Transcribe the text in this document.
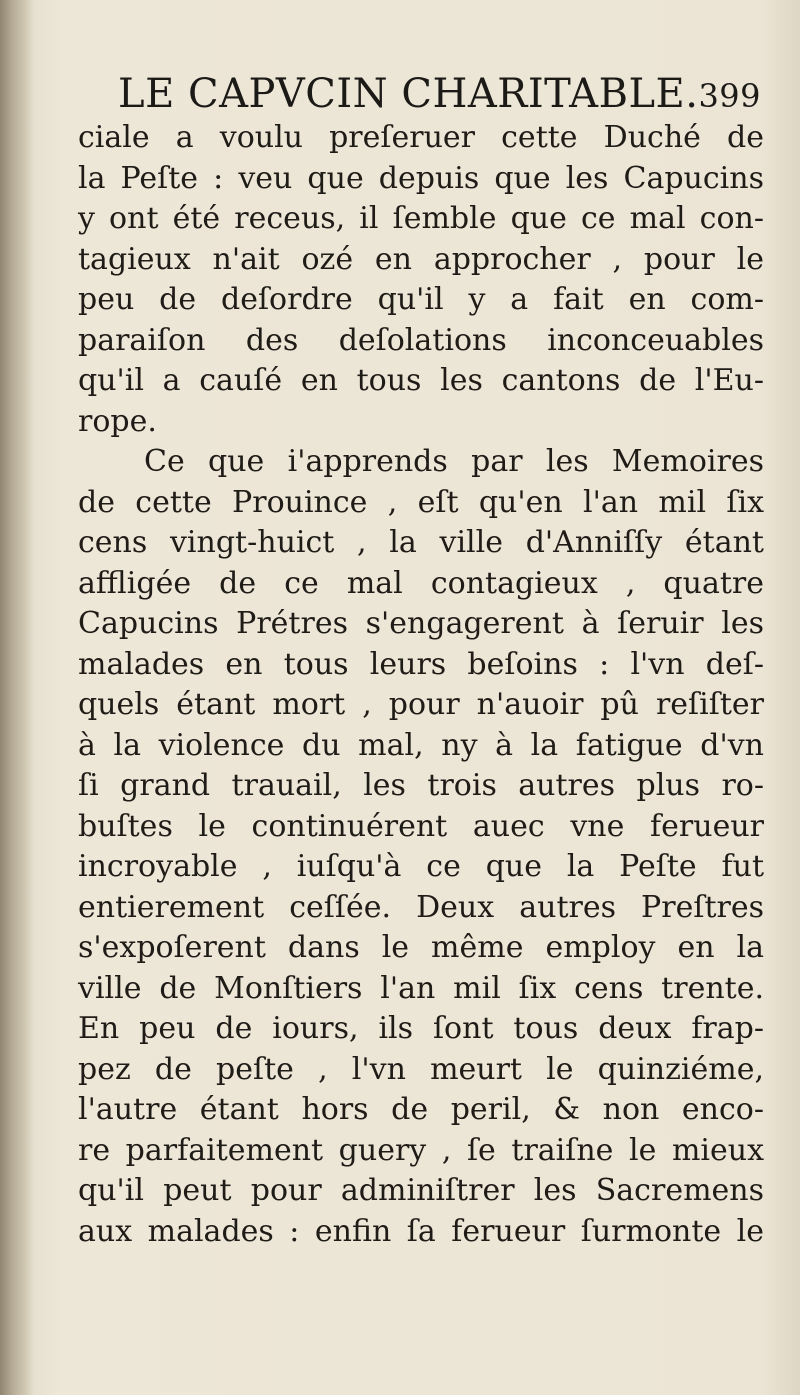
LE CAPVCIN CHARITABLE.399
ciale a voulu preſeruer cette Duché de
la Peſte : veu que depuis que les Capucins
y ont été receus, il ſemble que ce mal con-
tagieux n'ait ozé en approcher , pour le
peu de deſordre qu'il y a fait en com-
paraiſon des deſolations inconceuables
qu'il a cauſé en tous les cantons de l'Eu-
rope.
Ce que i'apprends par les Memoires
de cette Prouince , eſt qu'en l'an mil ſix
cens vingt-huict , la ville d'Anniſſy étant
affligée de ce mal contagieux , quatre
Capucins Prétres s'engagerent à ſeruir les
malades en tous leurs beſoins : l'vn deſ-
quels étant mort , pour n'auoir pû reſiſter
à la violence du mal, ny à la fatigue d'vn
ſi grand trauail, les trois autres plus ro-
buſtes le continuérent auec vne ferueur
incroyable , iuſqu'à ce que la Peſte fut
entierement ceſſée. Deux autres Preſtres
s'expoſerent dans le même employ en la
ville de Monſtiers l'an mil ſix cens trente.
En peu de iours, ils ſont tous deux frap-
pez de peſte , l'vn meurt le quinziéme,
l'autre étant hors de peril, & non enco-
re parfaitement guery , ſe traiſne le mieux
qu'il peut pour adminiſtrer les Sacremens
aux malades : enfin ſa ferueur ſurmonte le
